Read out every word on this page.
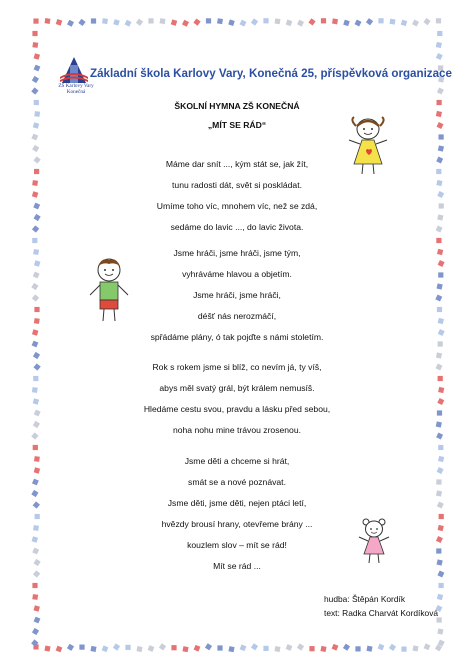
ZŠ Karlovy Vary
Konečná
Základní škola Karlovy Vary, Konečná 25, příspěvková organizace
ŠKOLNÍ HYMNA ZŠ KONEČNÁ
„MÍT SE RÁD“
Máme dar snít ..., kým stát se, jak žít,
tunu radosti dát, svět si poskládat.
Umíme toho víc, mnohem víc, než se zdá,
sedáme do lavic ..., do lavic života.
Jsme hráči, jsme hráči, jsme tým,
vyhráváme hlavou a objetím.
Jsme hráči, jsme hráči,
déšť nás nerozmáčí,
spřádáme plány, ó tak pojďte s námi stoletím.
Rok s rokem jsme si blíž, co nevím já, ty víš,
abys měl svatý grál, být králem nemusíš.
Hledáme cestu svou, pravdu a lásku před sebou,
noha nohu mine trávou zrosenou.
Jsme děti a chceme si hrát,
smát se a nové poznávat.
Jsme děti, jsme děti, nejen ptáci letí,
hvězdy brousí hrany, otevřeme brány ...
kouzlem slov – mít se rád!
Mít se rád ...
hudba: Štěpán Kordík
text: Radka Charvát Kordíková
